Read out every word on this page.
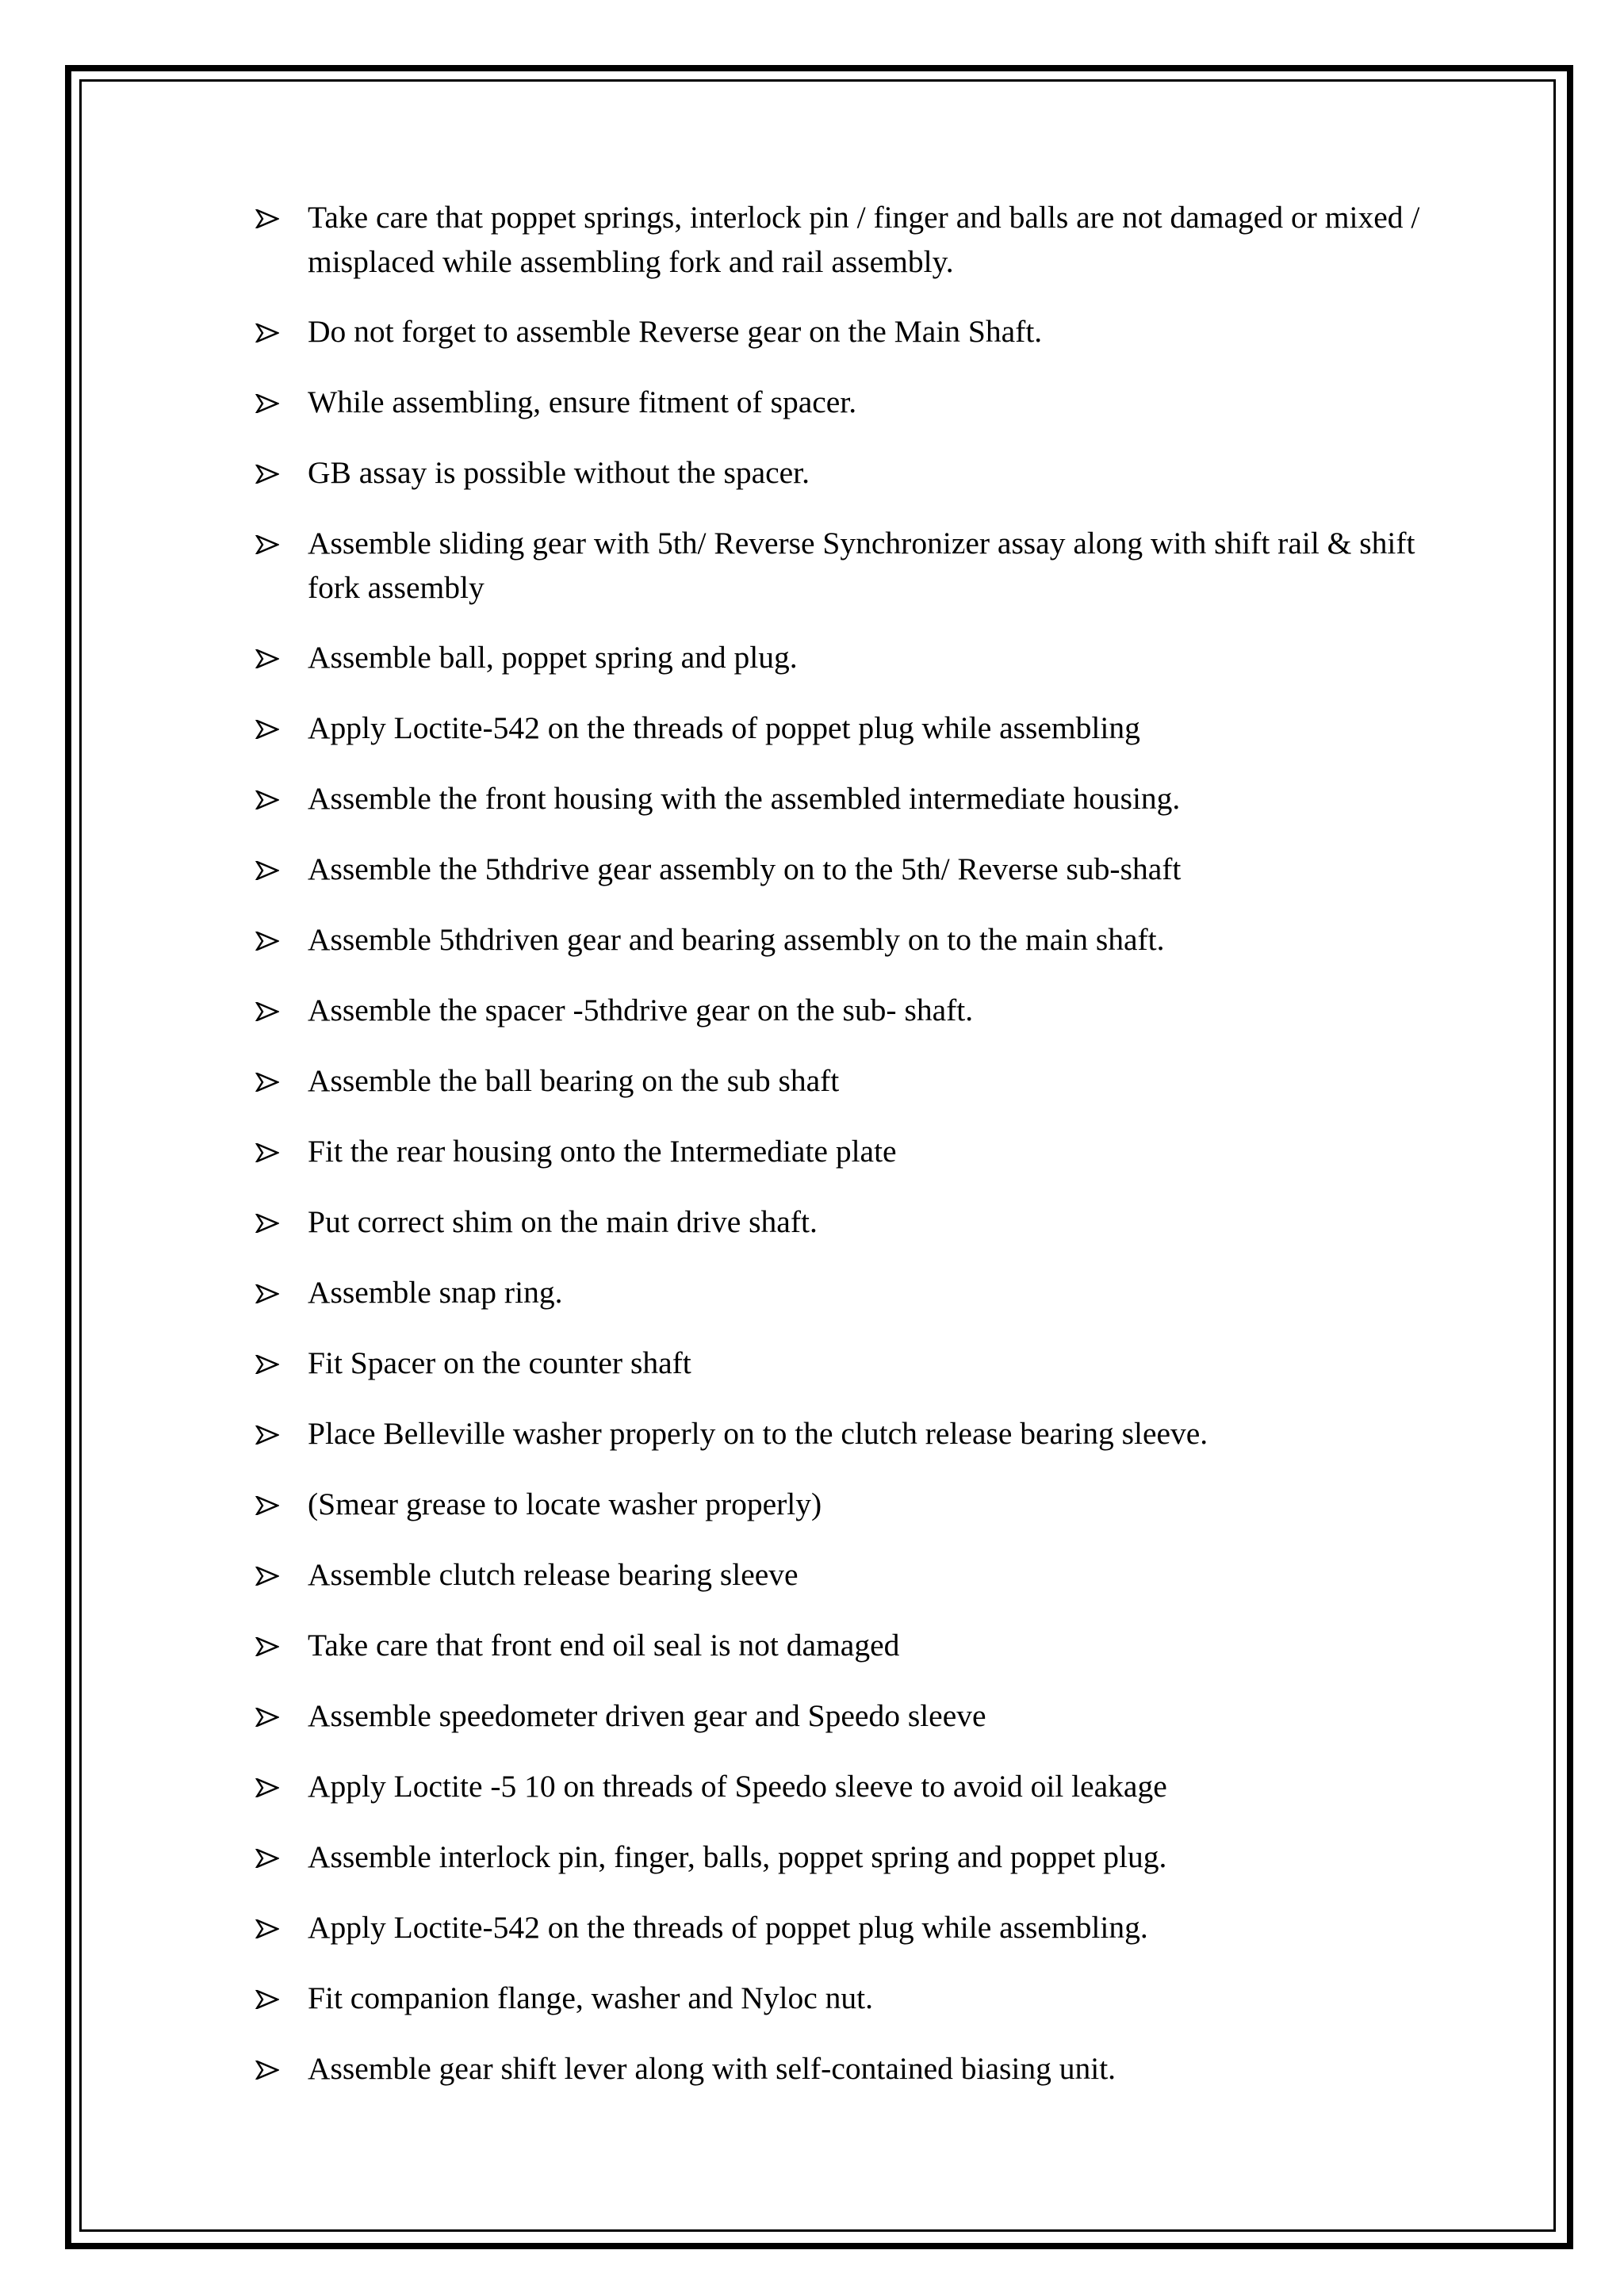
Take care that poppet springs, interlock pin / finger and balls are not damaged or mixed / misplaced while assembling fork and rail assembly.
Do not forget to assemble Reverse gear on the Main Shaft.
While assembling, ensure fitment of spacer.
GB assay is possible without the spacer.
Assemble sliding gear with 5th/ Reverse Synchronizer assay along with shift rail & shift fork assembly
Assemble ball, poppet spring and plug.
Apply Loctite-542 on the threads of poppet plug while assembling
Assemble the front housing with the assembled intermediate housing.
Assemble the 5thdrive gear assembly on to the 5th/ Reverse sub-shaft
Assemble 5thdriven gear and bearing assembly on to the main shaft.
Assemble the spacer -5thdrive gear on the sub- shaft.
Assemble the ball bearing on the sub shaft
Fit the rear housing onto the Intermediate plate
Put correct shim on the main drive shaft.
Assemble snap ring.
Fit Spacer on the counter shaft
Place Belleville washer properly on to the clutch release bearing sleeve.
(Smear grease to locate washer properly)
Assemble clutch release bearing sleeve
Take care that front end oil seal is not damaged
Assemble speedometer driven gear and Speedo sleeve
Apply Loctite -5 10 on threads of Speedo sleeve to avoid oil leakage
Assemble interlock pin, finger, balls, poppet spring and poppet plug.
Apply Loctite-542 on the threads of poppet plug while assembling.
Fit companion flange, washer and Nyloc nut.
Assemble gear shift lever along with self-contained biasing unit.
